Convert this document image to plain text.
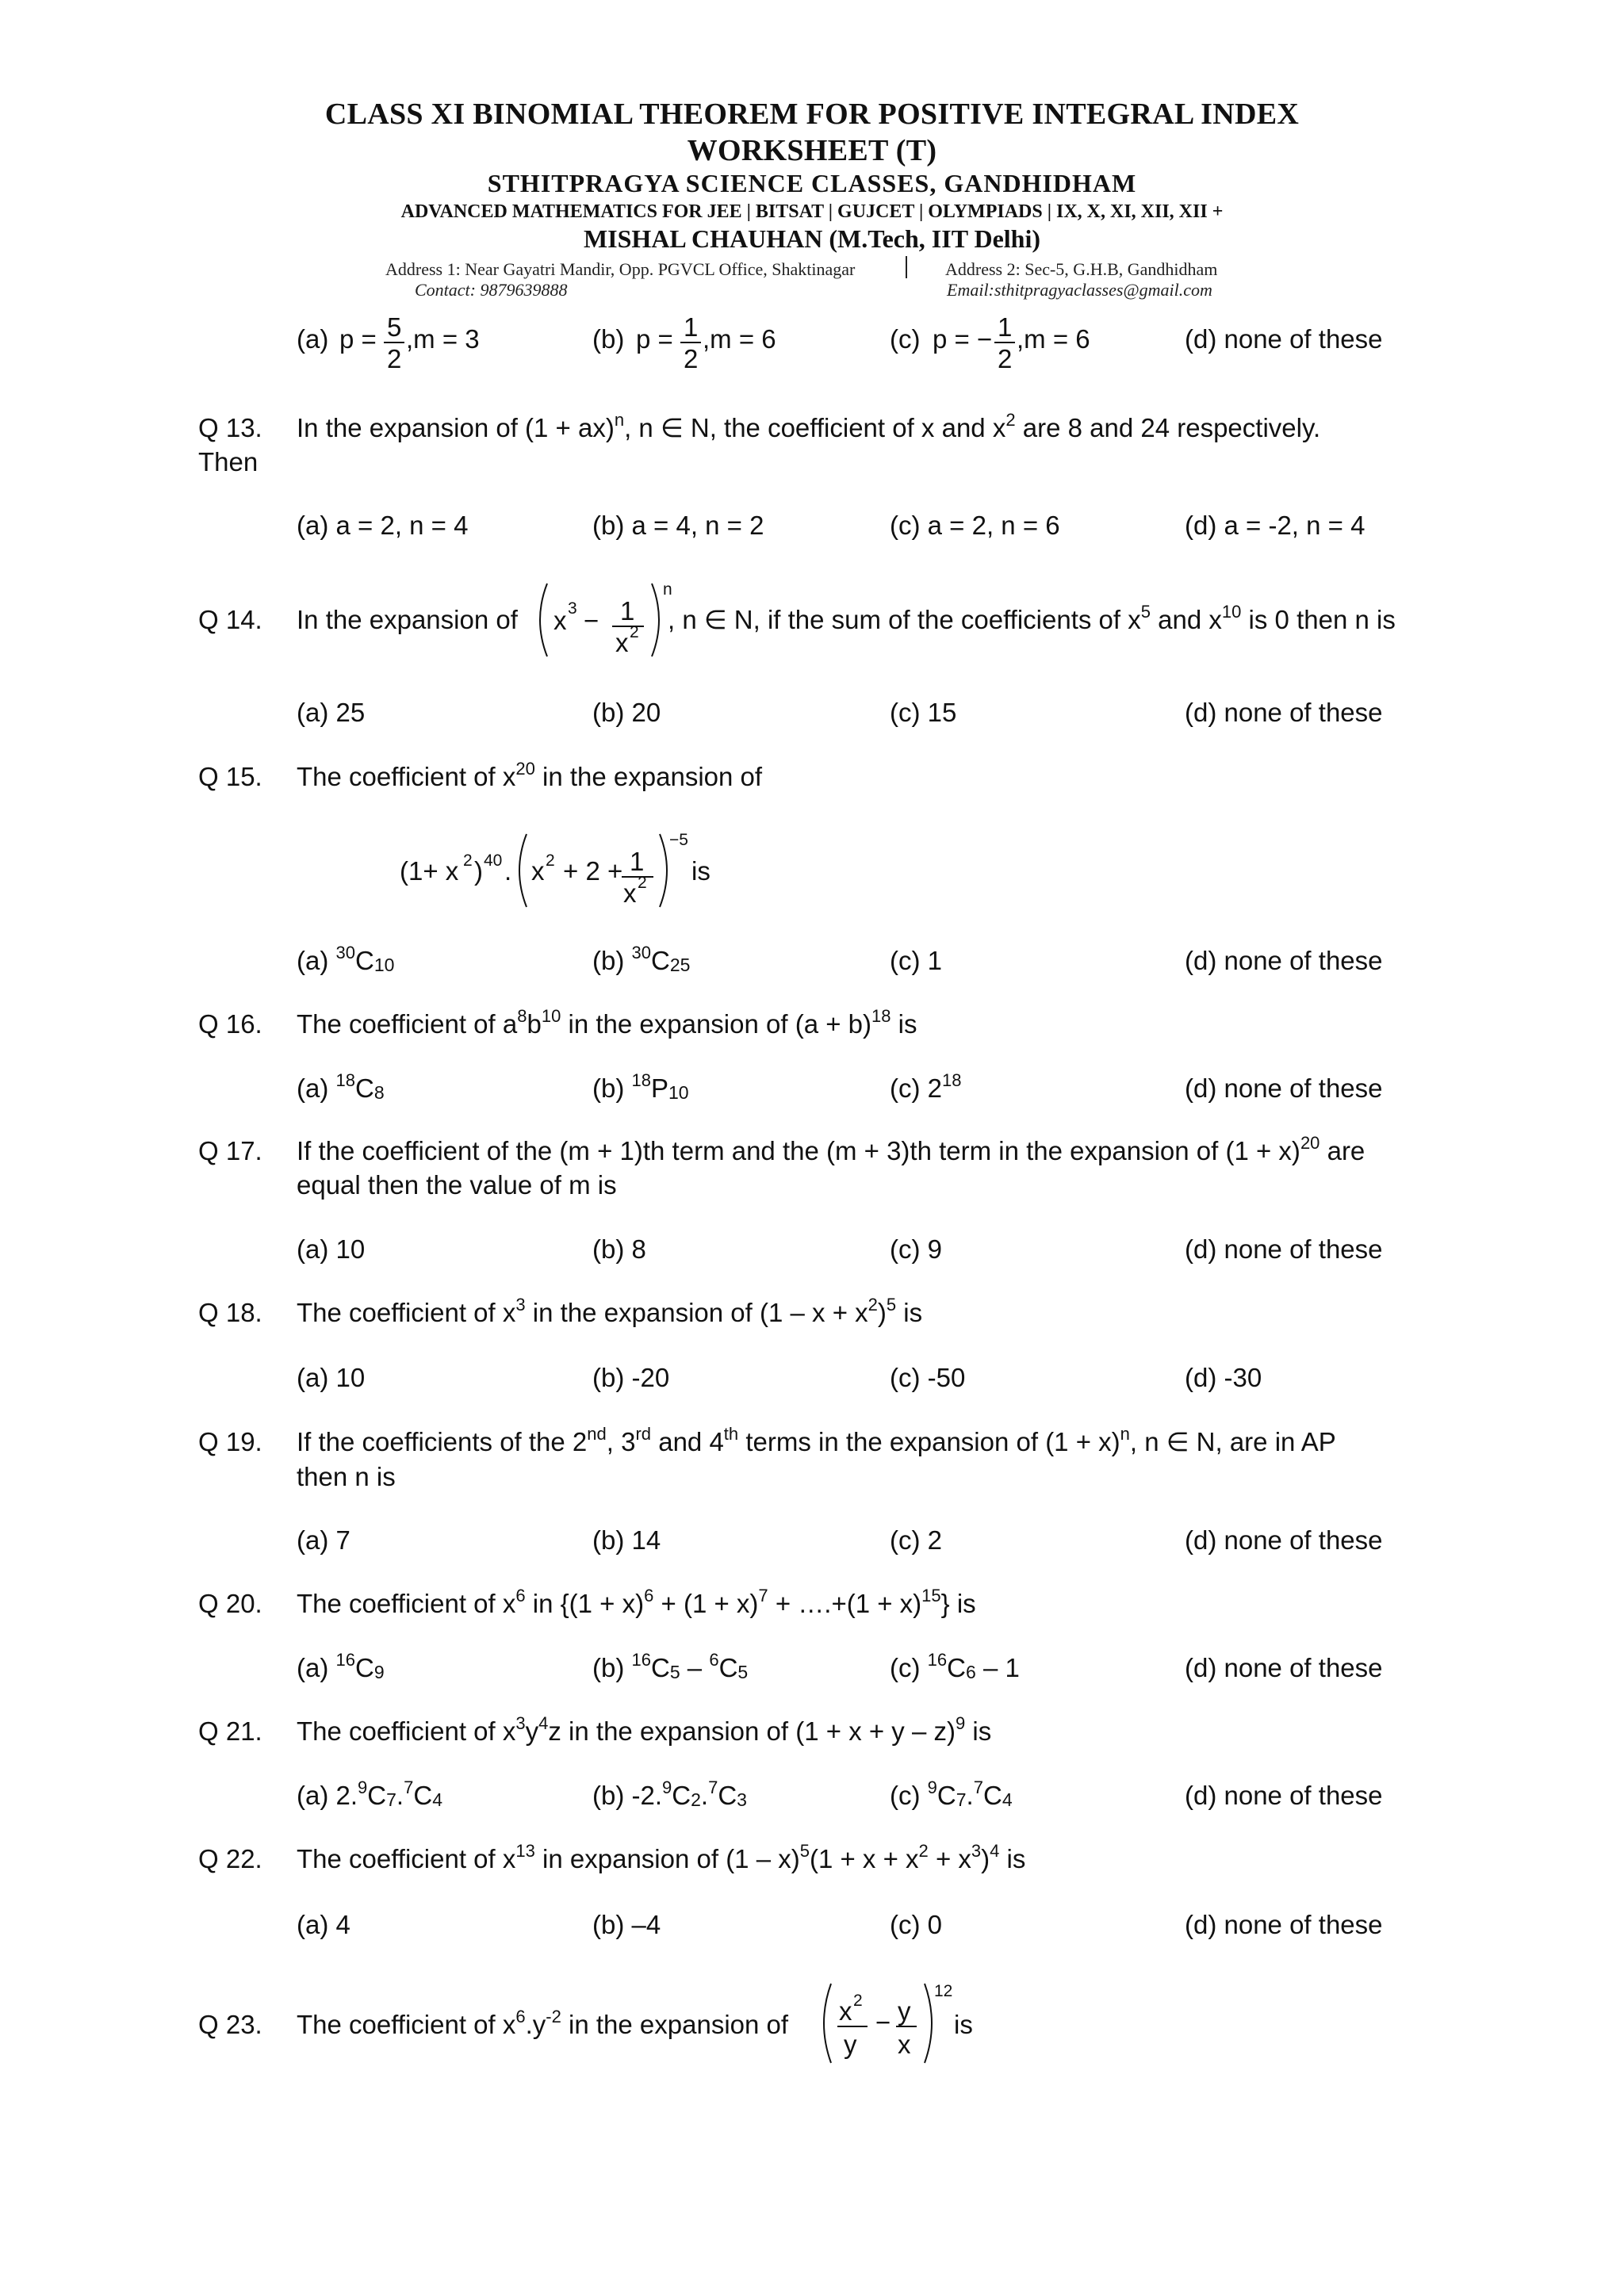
CLASS XI BINOMIAL THEOREM FOR POSITIVE INTEGRAL INDEX
WORKSHEET (T)
STHITPRAGYA SCIENCE CLASSES, GANDHIDHAM
ADVANCED MATHEMATICS FOR JEE | BITSAT | GUJCET | OLYMPIADS | IX, X, XI, XII, XII +
MISHAL CHAUHAN (M.Tech, IIT Delhi)
Address 1: Near Gayatri Mandir, Opp. PGVCL Office, Shaktinagar	Address 2: Sec-5, G.H.B, Gandhidham
Contact: 9879639888	Email:sthitpragyaclasses@gmail.com
(a) p = 5
2
,m = 3	(b) p = 1
2
,m = 6	(c) p = − 1
2
,m = 6	(d) none of these
Q 13. In the expansion of (1 + ax)$^n$, n ∈ N, the coefficient of x and $x^2$ are 8 and 24 respectively.
Then
(a) a = 2, n = 4	(b) a = 4, n = 2	(c) a = 2, n = 6	(d) a = -2, n = 4
Q 14. In the expansion of x 3 − 1
x 2
n
, n ∈ N, if the sum of the coefficients of $x^5$ and $x^{10}$ is 0 then n is
(a) 25	(b) 20	(c) 15	(d) none of these
Q 15. The coefficient of $x^{20}$ in the expansion of
(1+ x 2 ) 40 . x 2 + 2 + 1
x 2
−5
is
(a) $^{30}$C10	(b) $^{30}$C25	(c) 1	(d) none of these
Q 16. The coefficient of $a^8b^{10}$ in the expansion of $(a + b)^{18}$ is
(a) $^{18}$C8	(b) $^{18}$P10	(c) $2^{18}$	(d) none of these
Q 17. If the coefficient of the (m + 1)th term and the (m + 3)th term in the expansion of $(1 + x)^{20}$ are
equal then the value of m is
(a) 10	(b) 8	(c) 9	(d) none of these
Q 18. The coefficient of $x^3$ in the expansion of $(1 - x + x^2)^5$ is
(a) 10	(b) -20	(c) -50	(d) -30
Q 19. If the coefficients of the 2nd, 3rd and 4th terms in the expansion of $(1 + x)^n$, n ∈ N, are in AP
then n is
(a) 7	(b) 14	(c) 2	(d) none of these
Q 20. The coefficient of $x^6$ in {$(1 + x)^6 + (1 + x)^7$ + ….+(1 + x)$^{15}$} is
(a) $^{16}$C9	(b) $^{16}$C5 – $^6$C5	(c) $^{16}$C6 – 1	(d) none of these
Q 21. The coefficient of $x^3y^4z$ in the expansion of $(1 + x + y - z)^9$ is
(a) 2.$^9$C7.$^7$C4	(b) -2.$^9$C2.$^7$C3	(c) $^9$C7.$^7$C4	(d) none of these
Q 22. The coefficient of $x^{13}$ in expansion of $(1 - x)^5(1 + x + x^2 + x^3)^4$ is
(a) 4	(b) –4	(c) 0	(d) none of these
Q 23. The coefficient of $x^6.y^{-2}$ in the expansion of x 2
y
− y
x
12
is
